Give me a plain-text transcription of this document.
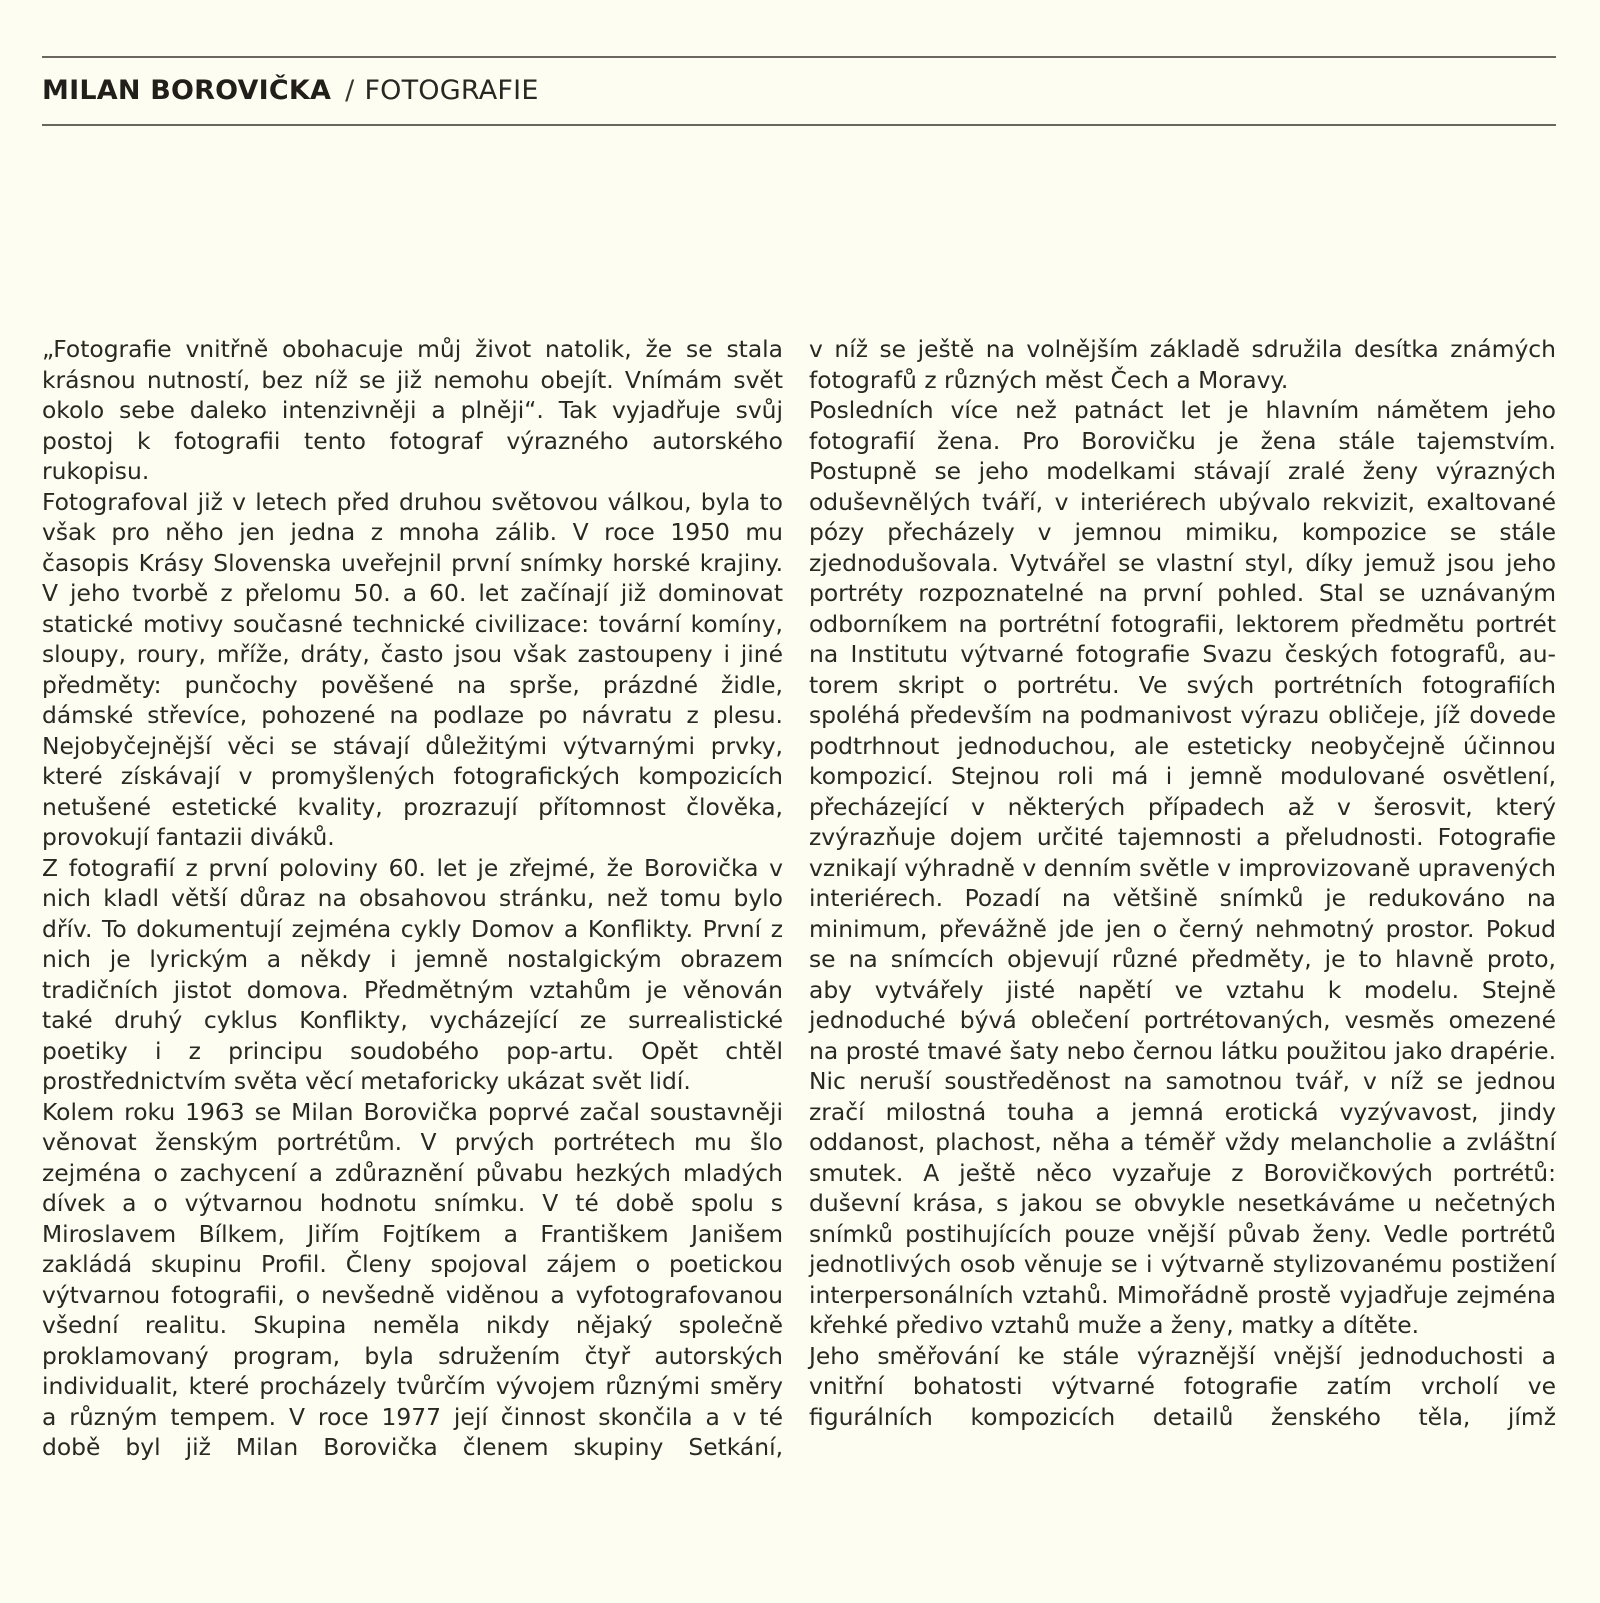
MILAN BOROVIČKA / FOTOGRAFIE

„Fotografie vnitřně obohacuje můj život natolik, že se stala krásnou nutností, bez níž se již nemohu obejít. Vnímám svět okolo sebe daleko intenzivněji a plněji“. Tak vyjadřuje svůj postoj k fotografii tento fotograf výrazného autorského rukopisu.

Fotografoval již v letech před druhou světovou válkou, byla to však pro něho jen jedna z mnoha zálib. V roce 1950 mu časopis Krásy Slovenska uveřejnil první snímky horské krajiny. V jeho tvorbě z přelomu 50. a 60. let začínají již dominovat statické motivy současné technické civilizace: tovární komíny, sloupy, roury, mříže, dráty, často jsou však zastoupeny i jiné předměty: punčochy pověšené na sprše, prázdné židle, dámské střevíce, pohozené na podlaze po návratu z plesu. Nejobyčejnější věci se stávají důležitými výtvarnými prvky, které získávají v promyšlených fotografických kompozicích netušené estetické kvality, prozrazují přítomnost člověka, provokují fantazii diváků.

Z fotografií z první poloviny 60. let je zřejmé, že Borovička v nich kladl větší důraz na obsahovou stránku, než tomu bylo dřív. To dokumentují zejména cykly Domov a Konflikty. První z nich je lyrickým a někdy i jemně nostalgickým obrazem tradičních jistot domova. Předmětným vztahům je věnován také druhý cyklus Konflikty, vycházející ze surrealistické poetiky i z principu soudobého pop-artu. Opět chtěl prostřednictvím světa věcí metaforicky ukázat svět lidí.

Kolem roku 1963 se Milan Borovička poprvé začal soustavněji věnovat ženským portrétům. V prvých portrétech mu šlo zejména o zachycení a zdůraznění půvabu hezkých mladých dívek a o výtvarnou hodnotu snímku. V té době spolu s Miroslavem Bílkem, Jiřím Fojtíkem a Františkem Janišem zakládá skupinu Profil. Členy spojoval zájem o poetickou výtvarnou fotografii, o nevšedně viděnou a vyfotografovanou všední realitu. Skupina neměla nikdy nějaký společně proklamovaný program, byla sdružením čtyř autorských individualit, které procházely tvůrčím vývojem různými směry a různým tempem. V roce 1977 její činnost skončila a v té době byl již Milan Borovička členem skupiny Setkání,

v níž se ještě na volnějším základě sdružila desítka známých fotografů z různých měst Čech a Moravy.

Posledních více než patnáct let je hlavním námětem jeho fotografií žena. Pro Borovičku je žena stále tajemstvím. Postupně se jeho modelkami stávají zralé ženy výrazných oduševnělých tváří, v interiérech ubývalo rekvizit, exaltované pózy přecházely v jemnou mimiku, kompozice se stále zjednodušovala. Vytvářel se vlastní styl, díky jemuž jsou jeho portréty rozpoznatelné na první pohled. Stal se uznávaným odborníkem na portrétní fotografii, lektorem předmětu portrét na Institutu výtvarné fotografie Svazu českých fotografů, autorem skript o portrétu. Ve svých portrétních fotografiích spoléhá především na podmanivost výrazu obličeje, jíž dovede podtrhnout jednoduchou, ale esteticky neobyčejně účinnou kompozicí. Stejnou roli má i jemně modulované osvětlení, přecházející v některých případech až v šerosvit, který zvýrazňuje dojem určité tajemnosti a přeludnosti. Fotografie vznikají výhradně v denním světle v improvizovaně upravených interiérech. Pozadí na většině snímků je redukováno na minimum, převážně jde jen o černý nehmotný prostor. Pokud se na snímcích objevují různé předměty, je to hlavně proto, aby vytvářely jisté napětí ve vztahu k modelu. Stejně jednoduché bývá oblečení portrétovaných, vesměs omezené na prosté tmavé šaty nebo černou látku použitou jako drapérie. Nic neruší soustředěnost na samotnou tvář, v níž se jednou zračí milostná touha a jemná erotická vyzývavost, jindy oddanost, plachost, něha a téměř vždy melancholie a zvláštní smutek. A ještě něco vyzařuje z Borovičkových portrétů: duševní krása, s jakou se obvykle nesetkáváme u nečetných snímků postihujících pouze vnější půvab ženy. Vedle portrétů jednotlivých osob věnuje se i výtvarně stylizovanému postižení interpersonálních vztahů. Mimořádně prostě vyjadřuje zejména křehké předivo vztahů muže a ženy, matky a dítěte.

Jeho směřování ke stále výraznější vnější jednoduchosti a vnitřní bohatosti výtvarné fotografie zatím vrcholí ve figurálních kompozicích detailů ženského těla, jímž
